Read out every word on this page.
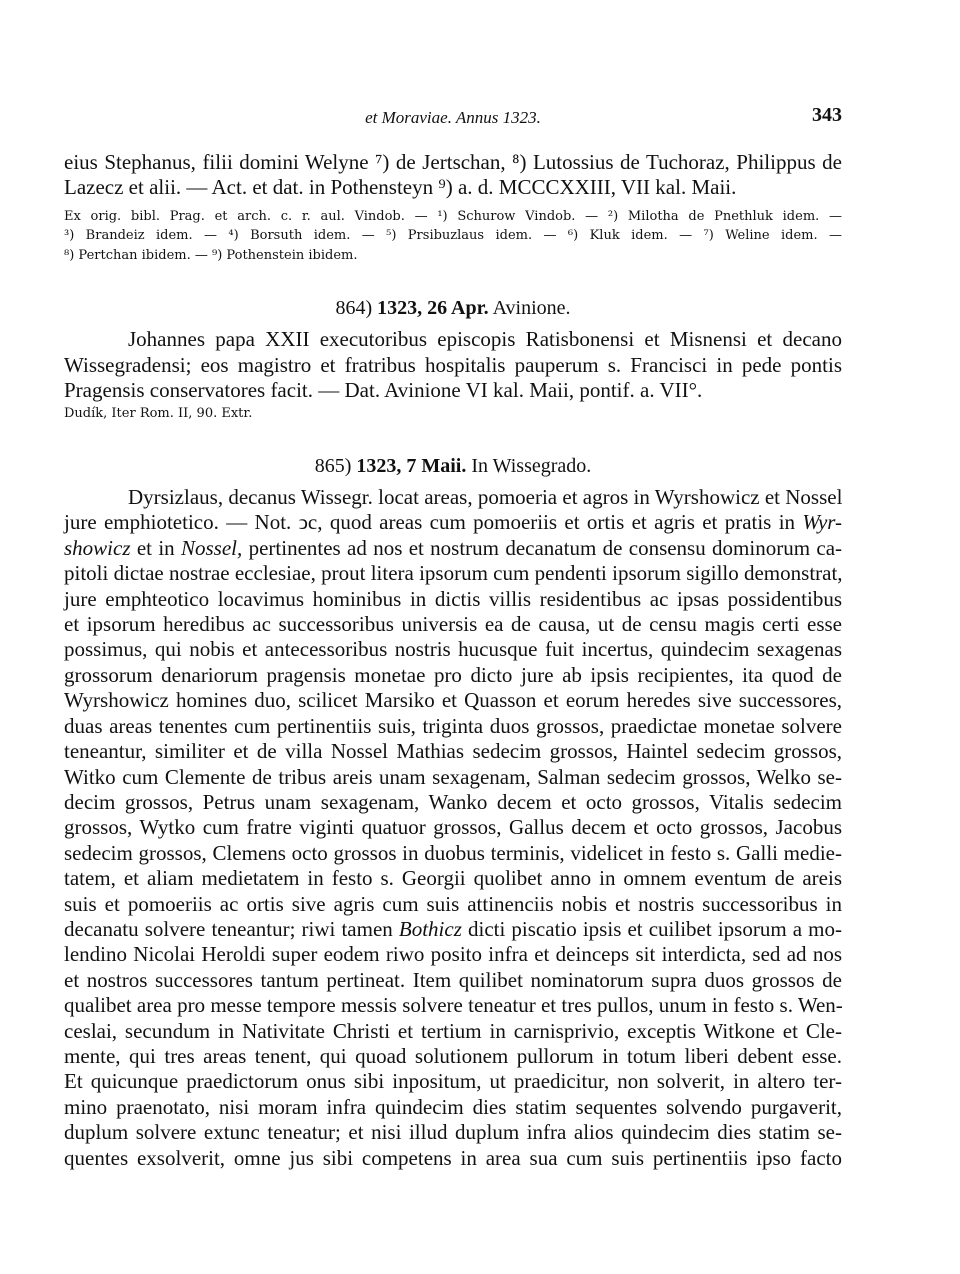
et Moraviae. Annus 1323.	343
eius Stephanus, filii domini Welyne ⁷) de Jertschan, ⁸) Lutossius de Tuchoraz, Philippus de
Lazecz et alii. — Act. et dat. in Pothensteyn ⁹) a. d. MCCCXXIII, VII kal. Maii.
Ex orig. bibl. Prag. et arch. c. r. aul. Vindob. — ¹) Schurow Vindob. — ²) Milotha de Pnethluk idem. —
³) Brandeiz idem. — ⁴) Borsuth idem. — ⁵) Prsibuzlaus idem. — ⁶) Kluk idem. — ⁷) Weline idem. —
⁸) Pertchan ibidem. — ⁹) Pothenstein ibidem.
864) 1323, 26 Apr. Avinione.
Johannes papa XXII executoribus episcopis Ratisbonensi et Misnensi et decano
Wissegradensi; eos magistro et fratribus hospitalis pauperum s. Francisci in pede pontis
Pragensis conservatores facit. — Dat. Avinione VI kal. Maii, pontif. a. VII°.
Dudík, Iter Rom. II, 90. Extr.
865) 1323, 7 Maii. In Wissegrado.
Dyrsizlaus, decanus Wissegr. locat areas, pomoeria et agros in Wyrshowicz et Nossel
jure emphiotetico. — Not. ↄc, quod areas cum pomoeriis et ortis et agris et pratis in Wyr-
showicz et in Nossel, pertinentes ad nos et nostrum decanatum de consensu dominorum ca-
pitoli dictae nostrae ecclesiae, prout litera ipsorum cum pendenti ipsorum sigillo demonstrat,
jure emphteotico locavimus hominibus in dictis villis residentibus ac ipsas possidentibus
et ipsorum heredibus ac successoribus universis ea de causa, ut de censu magis certi esse
possimus, qui nobis et antecessoribus nostris hucusque fuit incertus, quindecim sexagenas
grossorum denariorum pragensis monetae pro dicto jure ab ipsis recipientes, ita quod de
Wyrshowicz homines duo, scilicet Marsiko et Quasson et eorum heredes sive successores,
duas areas tenentes cum pertinentiis suis, triginta duos grossos, praedictae monetae solvere
teneantur, similiter et de villa Nossel Mathias sedecim grossos, Haintel sedecim grossos,
Witko cum Clemente de tribus areis unam sexagenam, Salman sedecim grossos, Welko se-
decim grossos, Petrus unam sexagenam, Wanko decem et octo grossos, Vitalis sedecim
grossos, Wytko cum fratre viginti quatuor grossos, Gallus decem et octo grossos, Jacobus
sedecim grossos, Clemens octo grossos in duobus terminis, videlicet in festo s. Galli medie-
tatem, et aliam medietatem in festo s. Georgii quolibet anno in omnem eventum de areis
suis et pomoeriis ac ortis sive agris cum suis attinenciis nobis et nostris successoribus in
decanatu solvere teneantur; riwi tamen Bothicz dicti piscatio ipsis et cuilibet ipsorum a mo-
lendino Nicolai Heroldi super eodem riwo posito infra et deinceps sit interdicta, sed ad nos
et nostros successores tantum pertineat. Item quilibet nominatorum supra duos grossos de
qualibet area pro messe tempore messis solvere teneatur et tres pullos, unum in festo s. Wen-
ceslai, secundum in Nativitate Christi et tertium in carnisprivio, exceptis Witkone et Cle-
mente, qui tres areas tenent, qui quoad solutionem pullorum in totum liberi debent esse.
Et quicunque praedictorum onus sibi inpositum, ut praedicitur, non solverit, in altero ter-
mino praenotato, nisi moram infra quindecim dies statim sequentes solvendo purgaverit,
duplum solvere extunc teneatur; et nisi illud duplum infra alios quindecim dies statim se-
quentes exsolverit, omne jus sibi competens in area sua cum suis pertinentiis ipso facto
